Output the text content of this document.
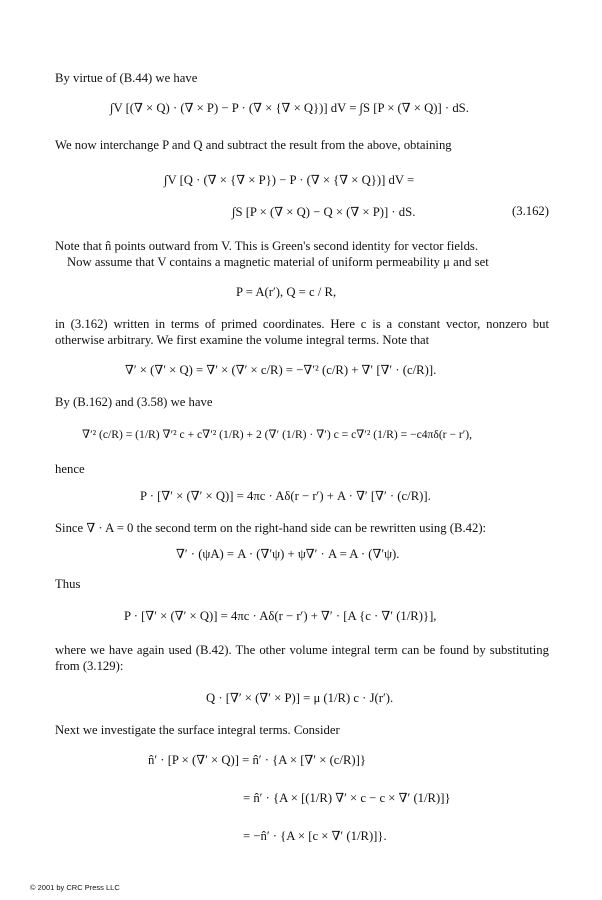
By virtue of (B.44) we have
∫V [(∇ × Q) · (∇ × P) − P · (∇ × {∇ × Q})] dV = ∫S [P × (∇ × Q)] · dS.
We now interchange P and Q and subtract the result from the above, obtaining
∫V [Q · (∇ × {∇ × P}) − P · (∇ × {∇ × Q})] dV =
∫S [P × (∇ × Q) − Q × (∇ × P)] · dS.	(3.162)
Note that n̂ points outward from V. This is Green's second identity for vector fields.
Now assume that V contains a magnetic material of uniform permeability μ and set
P = A(r′), Q = c / R,
in (3.162) written in terms of primed coordinates. Here c is a constant vector, nonzero but otherwise arbitrary. We first examine the volume integral terms. Note that
∇′ × (∇′ × Q) = ∇′ × (∇′ × c/R) = −∇′² (c/R) + ∇′ [∇′ · (c/R)].
By (B.162) and (3.58) we have
∇′² (c/R) = (1/R) ∇′² c + c∇′² (1/R) + 2 (∇′ (1/R) · ∇′) c = c∇′² (1/R) = −c4πδ(r − r′),
hence
P · [∇′ × (∇′ × Q)] = 4πc · Aδ(r − r′) + A · ∇′ [∇′ · (c/R)].
Since ∇ · A = 0 the second term on the right-hand side can be rewritten using (B.42):
∇′ · (ψA) = A · (∇′ψ) + ψ∇′ · A = A · (∇′ψ).
Thus
P · [∇′ × (∇′ × Q)] = 4πc · Aδ(r − r′) + ∇′ · [A {c · ∇′ (1/R)}],
where we have again used (B.42). The other volume integral term can be found by substituting from (3.129):
Q · [∇′ × (∇′ × P)] = μ (1/R) c · J(r′).
Next we investigate the surface integral terms. Consider
n̂′ · [P × (∇′ × Q)] = n̂′ · {A × [∇′ × (c/R)]}
= n̂′ · {A × [(1/R) ∇′ × c − c × ∇′ (1/R)]}
= −n̂′ · {A × [c × ∇′ (1/R)]}.
© 2001 by CRC Press LLC
